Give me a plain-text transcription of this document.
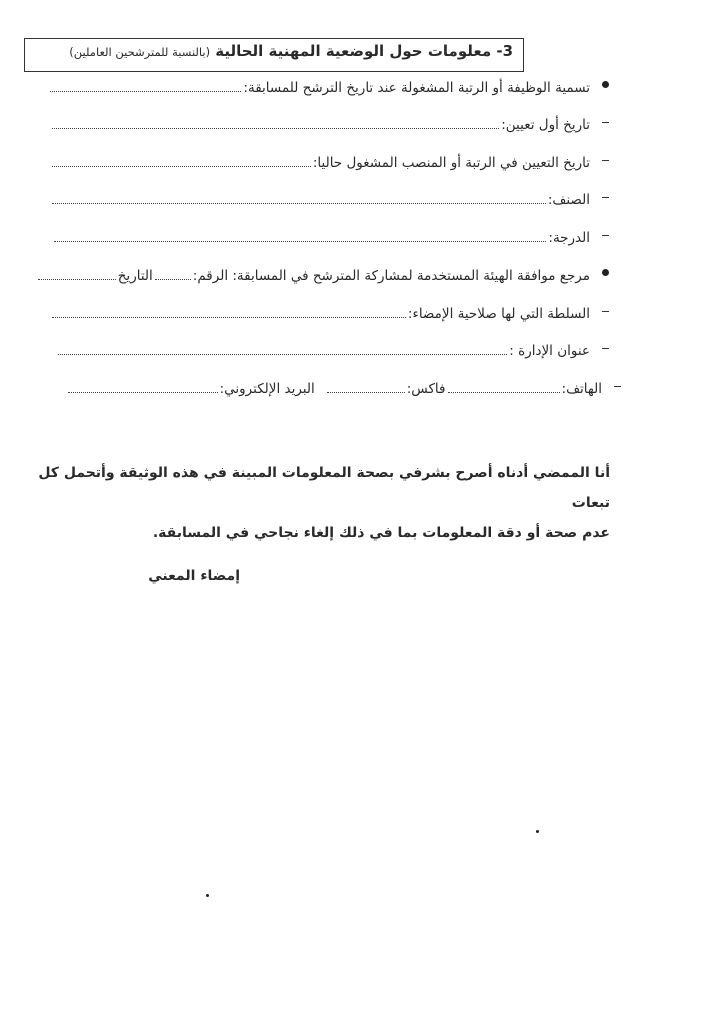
3- معلومات حول الوضعية المهنية الحالية (بالنسبة للمترشحين العاملين)
تسمية الوظيفة أو الرتبة المشغولة عند تاريخ الترشح للمسابقة:
تاريخ أول تعيين:
تاريخ التعيين في الرتبة أو المنصب المشغول حاليا:
الصنف:
الدرجة:
مرجع موافقة الهيئة المستخدمة لمشاركة المترشح في المسابقة: الرقم:
التاريخ
السلطة التي لها صلاحية الإمضاء:
عنوان الإدارة :
الهاتف:
فاكس:
البريد الإلكتروني:
أنا الممضي أدناه أصرح بشرفي بصحة المعلومات المبينة في هذه الوثيقة وأتحمل كل تبعات
عدم صحة أو دقة المعلومات بما في ذلك إلغاء نجاحي في المسابقة.
إمضاء المعني
